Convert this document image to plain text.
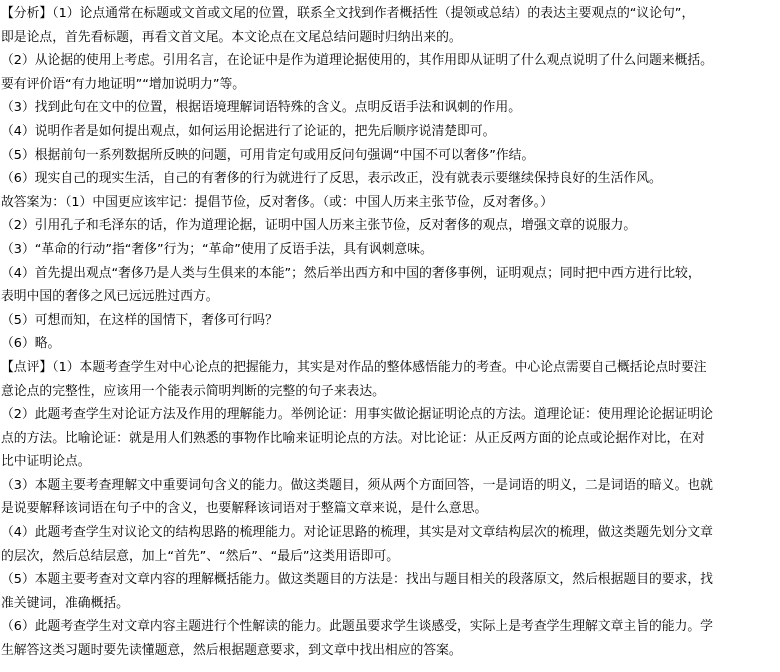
【分析】（1）论点通常在标题或文首或文尾的位置，联系全文找到作者概括性（提领或总结）的表达主要观点的“议论句”，

即是论点，首先看标题，再看文首文尾。本文论点在文尾总结问题时归纳出来的。

（2）从论据的使用上考虑。引用名言，在论证中是作为道理论据使用的，其作用即从证明了什么观点说明了什么问题来概括。

要有评价语“有力地证明”“增加说明力”等。

（3）找到此句在文中的位置，根据语境理解词语特殊的含义。点明反语手法和讽刺的作用。

（4）说明作者是如何提出观点，如何运用论据进行了论证的，把先后顺序说清楚即可。

（5）根据前句一系列数据所反映的问题，可用肯定句或用反问句强调“中国不可以奢侈”作结。

（6）现实自己的现实生活，自己的有奢侈的行为就进行了反思，表示改正，没有就表示要继续保持良好的生活作风。

故答案为：（1）中国更应该牢记：提倡节俭，反对奢侈。（或：中国人历来主张节俭，反对奢侈。）

（2）引用孔子和毛泽东的话，作为道理论据，证明中国人历来主张节俭，反对奢侈的观点，增强文章的说服力。

（3）“革命的行动”指“奢侈”行为；“革命”使用了反语手法，具有讽刺意味。

（4）首先提出观点“奢侈乃是人类与生俱来的本能”；然后举出西方和中国的奢侈事例，证明观点；同时把中西方进行比较，

表明中国的奢侈之风已远远胜过西方。

（5）可想而知，在这样的国情下，奢侈可行吗？

（6）略。

【点评】（1）本题考查学生对中心论点的把握能力，其实是对作品的整体感悟能力的考查。中心论点需要自己概括论点时要注

意论点的完整性，应该用一个能表示简明判断的完整的句子来表达。

（2）此题考查学生对论证方法及作用的理解能力。举例论证：用事实做论据证明论点的方法。道理论证：使用理论论据证明论

点的方法。比喻论证：就是用人们熟悉的事物作比喻来证明论点的方法。对比论证：从正反两方面的论点或论据作对比，在对

比中证明论点。

（3）本题主要考查理解文中重要词句含义的能力。做这类题目，须从两个方面回答，一是词语的明义，二是词语的暗义。也就

是说要解释该词语在句子中的含义，也要解释该词语对于整篇文章来说，是什么意思。

（4）此题考查学生对议论文的结构思路的梳理能力。对论证思路的梳理，其实是对文章结构层次的梳理，做这类题先划分文章

的层次，然后总结层意，加上“首先”、“然后”、“最后”这类用语即可。

（5）本题主要考查对文章内容的理解概括能力。做这类题目的方法是：找出与题目相关的段落原文，然后根据题目的要求，找

准关键词，准确概括。

（6）此题考查学生对文章内容主题进行个性解读的能力。此题虽要求学生谈感受，实际上是考查学生理解文章主旨的能力。学

生解答这类习题时要先读懂题意，然后根据题意要求，到文章中找出相应的答案。
